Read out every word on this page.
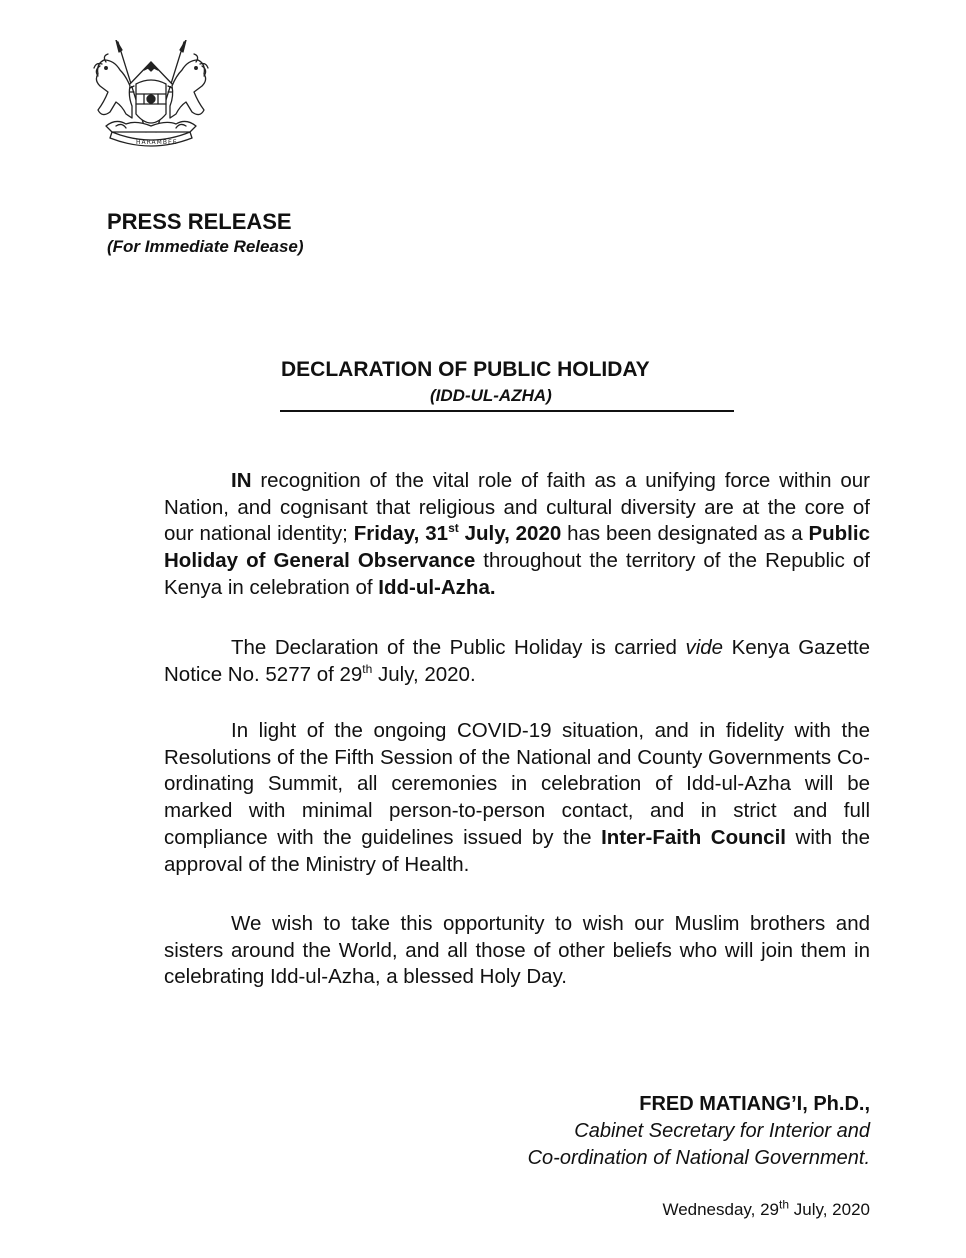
HARAMBEE
PRESS RELEASE
(For Immediate Release)
DECLARATION OF PUBLIC HOLIDAY
(IDD-UL-AZHA)

IN recognition of the vital role of faith as a unifying force within our Nation, and cognisant that religious and cultural diversity are at the core of our national identity; Friday, 31st July, 2020 has been designated as a Public Holiday of General Observance throughout the territory of the Republic of Kenya in celebration of Idd-ul-Azha.

The Declaration of the Public Holiday is carried vide Kenya Gazette Notice No. 5277 of 29th July, 2020.

In light of the ongoing COVID-19 situation, and in fidelity with the Resolutions of the Fifth Session of the National and County Governments Co-ordinating Summit, all ceremonies in celebration of Idd-ul-Azha will be marked with minimal person-to-person contact, and in strict and full compliance with the guidelines issued by the Inter-Faith Council with the approval of the Ministry of Health.

We wish to take this opportunity to wish our Muslim brothers and sisters around the World, and all those of other beliefs who will join them in celebrating Idd-ul-Azha, a blessed Holy Day.

FRED MATIANG’I, Ph.D.,
Cabinet Secretary for Interior and
Co-ordination of National Government.
Wednesday, 29th July, 2020
